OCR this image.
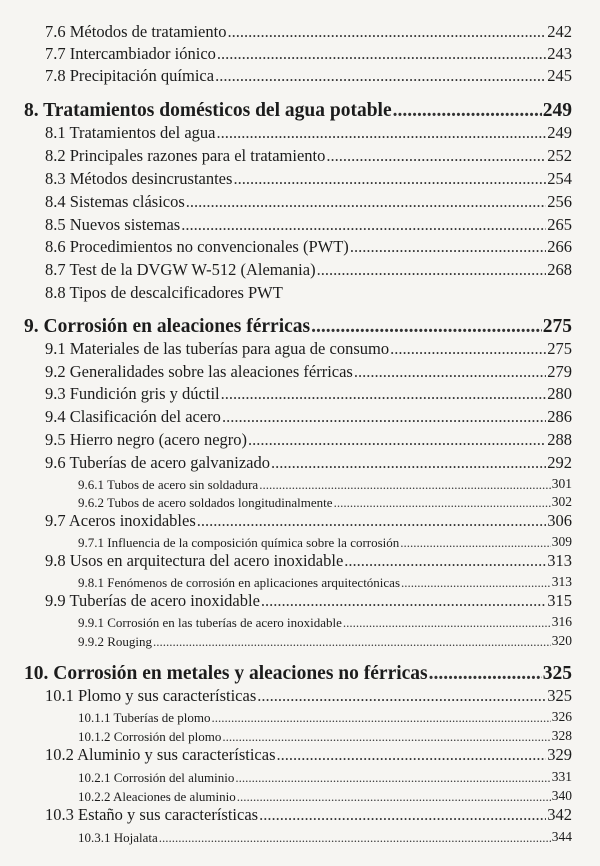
7.6 Métodos de tratamiento .....	242
7.7 Intercambiador iónico .....	243
7.8 Precipitación química .....	245
8. Tratamientos domésticos del agua potable .....	249
8.1 Tratamientos del agua .....	249
8.2 Principales razones para el tratamiento .....	252
8.3 Métodos desincrustantes .....	254
8.4 Sistemas clásicos .....	256
8.5 Nuevos sistemas .....	265
8.6 Procedimientos no convencionales (PWT) .....	266
8.7 Test de la DVGW W-512 (Alemania) .....	268
8.8 Tipos de descalcificadores PWT
9. Corrosión en aleaciones férricas .....	275
9.1 Materiales de las tuberías para agua de consumo .....	275
9.2 Generalidades sobre las aleaciones férricas .....	279
9.3 Fundición gris y dúctil .....	280
9.4 Clasificación del acero .....	286
9.5 Hierro negro (acero negro) .....	288
9.6 Tuberías de acero galvanizado .....	292
9.6.1 Tubos de acero sin soldadura .....	301
9.6.2 Tubos de acero soldados longitudinalmente .....	302
9.7 Aceros inoxidables .....	306
9.7.1 Influencia de la composición química sobre la corrosión .....	309
9.8 Usos en arquitectura del acero inoxidable .....	313
9.8.1 Fenómenos de corrosión en aplicaciones arquitectónicas .....	313
9.9 Tuberías de acero inoxidable .....	315
9.9.1 Corrosión en las tuberías de acero inoxidable .....	316
9.9.2 Rouging .....	320
10. Corrosión en metales y aleaciones no férricas .....	325
10.1 Plomo y sus características .....	325
10.1.1 Tuberías de plomo .....	326
10.1.2 Corrosión del plomo .....	328
10.2 Aluminio y sus características .....	329
10.2.1 Corrosión del aluminio .....	331
10.2.2 Aleaciones de aluminio .....	340
10.3 Estaño y sus características .....	342
10.3.1 Hojalata .....	344
